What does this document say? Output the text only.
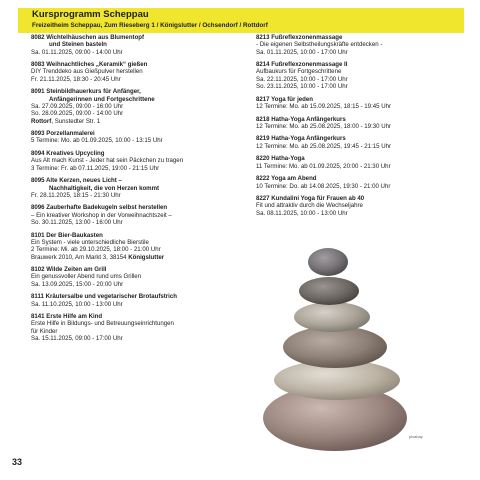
Kursprogramm Scheppau
Freizeitheim Scheppau, Zum Rieseberg 1 / Königslutter / Ochsendorf / Rottdorf
8082 Wichtelhäuschen aus Blumentopf

und Steinen basteln
Sa. 01.11.2025, 09:00 - 14:00 Uhr
8083 Weihnachtliches „Keramik“ gießen
DIY Trenddeko aus Gießpulver herstellen
Fr. 21.11.2025, 18:30 - 20:45 Uhr
8091 Steinbildhauerkurs für Anfänger,

Anfängerinnen und Fortgeschrittene
Sa. 27.09.2025, 09:00 - 16:00 Uhr
So. 28.09.2025, 09:00 - 14:00 Uhr
Rottorf, Sunstedter Str. 1
8093 Porzellanmalerei
5 Termine: Mo. ab 01.09.2025, 10:00 - 13:15 Uhr
8094 Kreatives Upcycling
Aus Alt mach Kunst - Jeder hat sein Päckchen zu tragen
3 Termine: Fr. ab 07.11.2025, 19:00 - 21:15 Uhr
8095 Alte Kerzen, neues Licht –

Nachhaltigkeit, die von Herzen kommt
Fr. 28.11.2025, 18:15 - 21:30 Uhr
8096 Zauberhafte Badekugeln selbst herstellen
– Ein kreativer Workshop in der Vorweihnachtszeit –
So. 30.11.2025, 13:00 - 16:00 Uhr
8101 Der Bier-Baukasten
Ein System - viele unterschiedliche Bierstile
2 Termine: Mi. ab 29.10.2025, 18:00 - 21:00 Uhr
Brauwerk 2010, Am Markt 3, 38154 Königslutter
8102 Wilde Zeiten am Grill
Ein genussvoller Abend rund ums Grillen
Sa. 13.09.2025, 15:00 - 20:00 Uhr
8111 Kräutersalbe und vegetarischer Brotaufstrich
Sa. 11.10.2025, 10:00 - 13:00 Uhr
8141 Erste Hilfe am Kind
Erste Hilfe in Bildungs- und Betreuungseinrichtungen
für Kinder
Sa. 15.11.2025, 09:00 - 17:00 Uhr
8213 Fußreflexzonenmassage
- Die eigenen Selbstheilungskräfte entdecken -
Sa. 01.11.2025, 10:00 - 17:00 Uhr
8214 Fußreflexzonenmassage II
Aufbaukurs für Fortgeschrittene
Sa. 22.11.2025, 10:00 - 17:00 Uhr
So. 23.11.2025, 10:00 - 17:00 Uhr
8217 Yoga für jeden
12 Termine: Mo. ab 15.09.2025, 18:15 - 19:45 Uhr
8218 Hatha-Yoga Anfängerkurs
12 Termine: Mo. ab 25.08.2025, 18:00 - 19:30 Uhr
8219 Hatha-Yoga Anfängerkurs
12 Termine: Mo. ab 25.08.2025, 19:45 - 21:15 Uhr
8220 Hatha-Yoga
11 Termine: Mo. ab 01.09.2025, 20:00 - 21:30 Uhr
8222 Yoga am Abend
10 Termine: Do. ab 14.08.2025, 19:30 - 21:00 Uhr
8227 Kundalini Yoga für Frauen ab 40
Fit und attraktiv durch die Wechseljahre
Sa. 08.11.2025, 10:00 - 13:00 Uhr
pixabay
33
